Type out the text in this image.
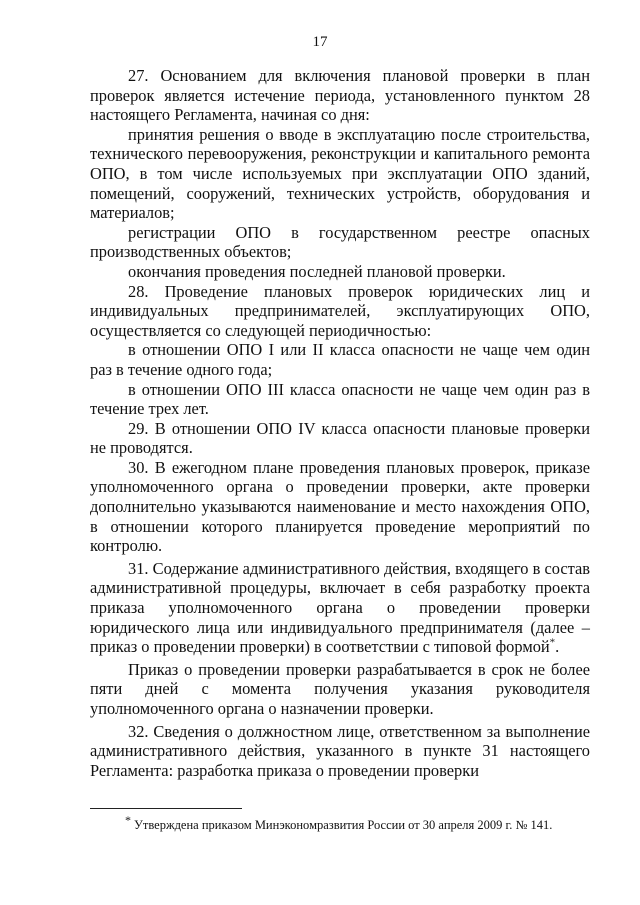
17

27. Основанием для включения плановой проверки в план проверок является истечение периода, установленного пунктом 28 настоящего Регламента, начиная со дня:

принятия решения о вводе в эксплуатацию после строительства, технического перевооружения, реконструкции и капитального ремонта ОПО, в том числе используемых при эксплуатации ОПО зданий, помещений, сооружений, технических устройств, оборудования и материалов;

регистрации ОПО в государственном реестре опасных производственных объектов;

окончания проведения последней плановой проверки.

28. Проведение плановых проверок юридических лиц и индивидуальных предпринимателей, эксплуатирующих ОПО, осуществляется со следующей периодичностью:

в отношении ОПО I или II класса опасности не чаще чем один раз в течение одного года;

в отношении ОПО III класса опасности не чаще чем один раз в течение трех лет.

29. В отношении ОПО IV класса опасности плановые проверки не проводятся.

30. В ежегодном плане проведения плановых проверок, приказе уполномоченного органа о проведении проверки, акте проверки дополнительно указываются наименование и место нахождения ОПО, в отношении которого планируется проведение мероприятий по контролю.

31. Содержание административного действия, входящего в состав административной процедуры, включает в себя разработку проекта приказа уполномоченного органа о проведении проверки юридического лица или индивидуального предпринимателя (далее – приказ о проведении проверки) в соответствии с типовой формой*.

Приказ о проведении проверки разрабатывается в срок не более пяти дней с момента получения указания руководителя уполномоченного органа о назначении проверки.

32. Сведения о должностном лице, ответственном за выполнение административного действия, указанного в пункте 31 настоящего Регламента: разработка приказа о проведении проверки

* Утверждена приказом Минэкономразвития России от 30 апреля 2009 г. № 141.
